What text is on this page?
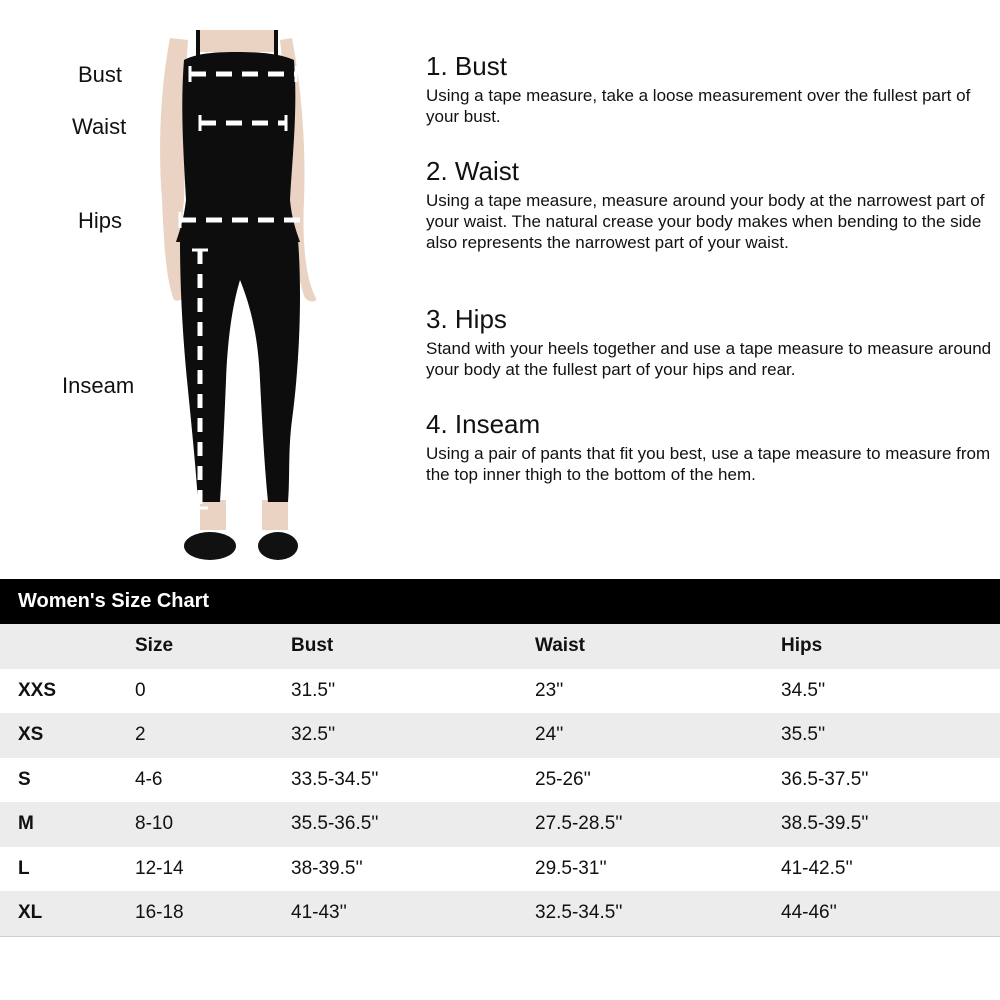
Bust
Waist
Hips
Inseam
1. Bust

Using a tape measure, take a loose measurement over the fullest part of your bust.

2. Waist

Using a tape measure, measure around your body at the narrowest part of your waist. The natural crease your body makes when bending to the side also represents the narrowest part of your waist.

3. Hips

Stand with your heels together and use a tape measure to measure around your body at the fullest part of your hips and rear.

4. Inseam

Using a pair of pants that fit you best, use a tape measure to measure from the top inner thigh to the bottom of the hem.

Women's Size Chart
	Size	Bust	Waist	Hips
XXS	0	31.5''	23''	34.5''
XS	2	32.5''	24''	35.5''
S	4-6	33.5-34.5''	25-26''	36.5-37.5''
M	8-10	35.5-36.5''	27.5-28.5''	38.5-39.5''
L	12-14	38-39.5''	29.5-31''	41-42.5''
XL	16-18	41-43''	32.5-34.5''	44-46''
